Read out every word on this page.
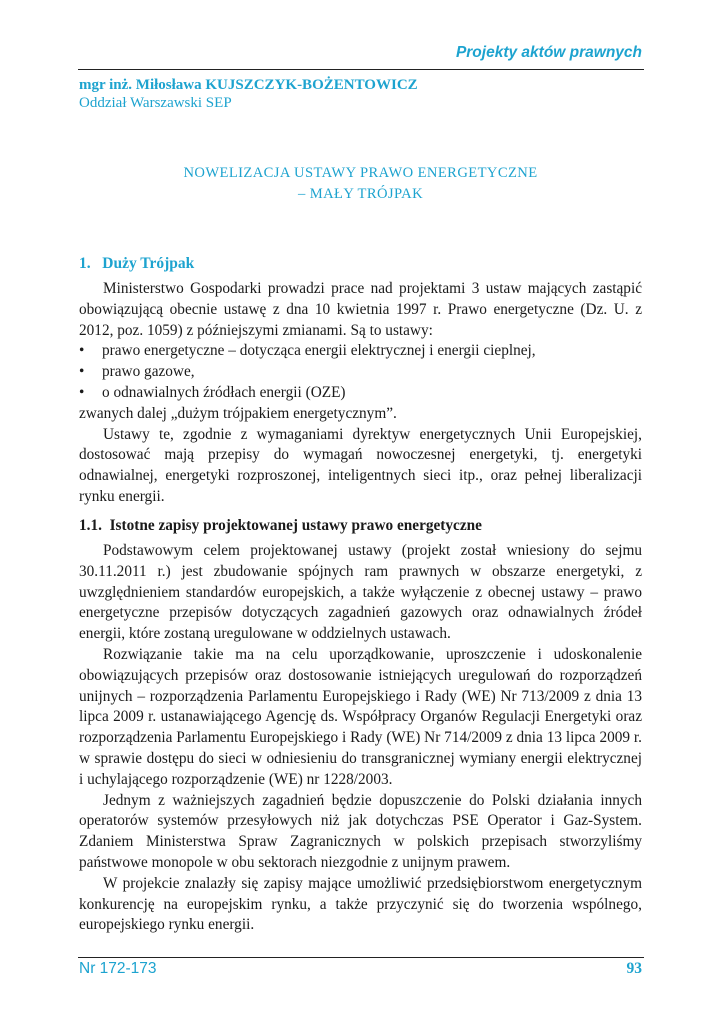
Projekty aktów prawnych
mgr inż. Miłosława KUJSZCZYK-BOŻENTOWICZ
Oddział Warszawski SEP
NOWELIZACJA USTAWY PRAWO ENERGETYCZNE
– MAŁY TRÓJPAK
1.   Duży Trójpak

Ministerstwo Gospodarki prowadzi prace nad projektami 3 ustaw mających zastąpić obowiązującą obecnie ustawę z dna 10 kwietnia 1997 r. Prawo energetyczne (Dz. U. z 2012, poz. 1059) z późniejszymi zmianami. Są to ustawy:

• prawo energetyczne – dotycząca energii elektrycznej i energii cieplnej,
• prawo gazowe,
• o odnawialnych źródłach energii (OZE)

zwanych dalej „dużym trójpakiem energetycznym”.

Ustawy te, zgodnie z wymaganiami dyrektyw energetycznych Unii Europejskiej, dostosować mają przepisy do wymagań nowoczesnej energetyki, tj. energetyki odnawialnej, energetyki rozproszonej, inteligentnych sieci itp., oraz pełnej liberalizacji rynku energii.

1.1.  Istotne zapisy projektowanej ustawy prawo energetyczne

Podstawowym celem projektowanej ustawy (projekt został wniesiony do sejmu 30.11.2011 r.) jest zbudowanie spójnych ram prawnych w obszarze energetyki, z uwzględnieniem standardów europejskich, a także wyłączenie z obecnej ustawy – prawo energetyczne przepisów dotyczących zagadnień gazowych oraz odnawialnych źródeł energii, które zostaną uregulowane w oddzielnych ustawach.

Rozwiązanie takie ma na celu uporządkowanie, uproszczenie i udoskonalenie obowiązujących przepisów oraz dostosowanie istniejących uregulowań do rozporządzeń unijnych – rozporządzenia Parlamentu Europejskiego i Rady (WE) Nr 713/2009 z dnia 13 lipca 2009 r. ustanawiającego Agencję ds. Współpracy Organów Regulacji Energetyki oraz rozporządzenia Parlamentu Europejskiego i Rady (WE) Nr 714/2009 z dnia 13 lipca 2009 r. w sprawie dostępu do sieci w odniesieniu do transgranicznej wymiany energii elektrycznej i uchylającego rozporządzenie (WE) nr 1228/2003.

Jednym z ważniejszych zagadnień będzie dopuszczenie do Polski działania innych operatorów systemów przesyłowych niż jak dotychczas PSE Operator i Gaz-System. Zdaniem Ministerstwa Spraw Zagranicznych w polskich przepisach stworzyliśmy państwowe monopole w obu sektorach niezgodnie z unijnym prawem.

W projekcie znalazły się zapisy mające umożliwić przedsiębiorstwom energetycznym konkurencję na europejskim rynku, a także przyczynić się do tworzenia wspólnego, europejskiego rynku energii.

Nr 172-173	93
